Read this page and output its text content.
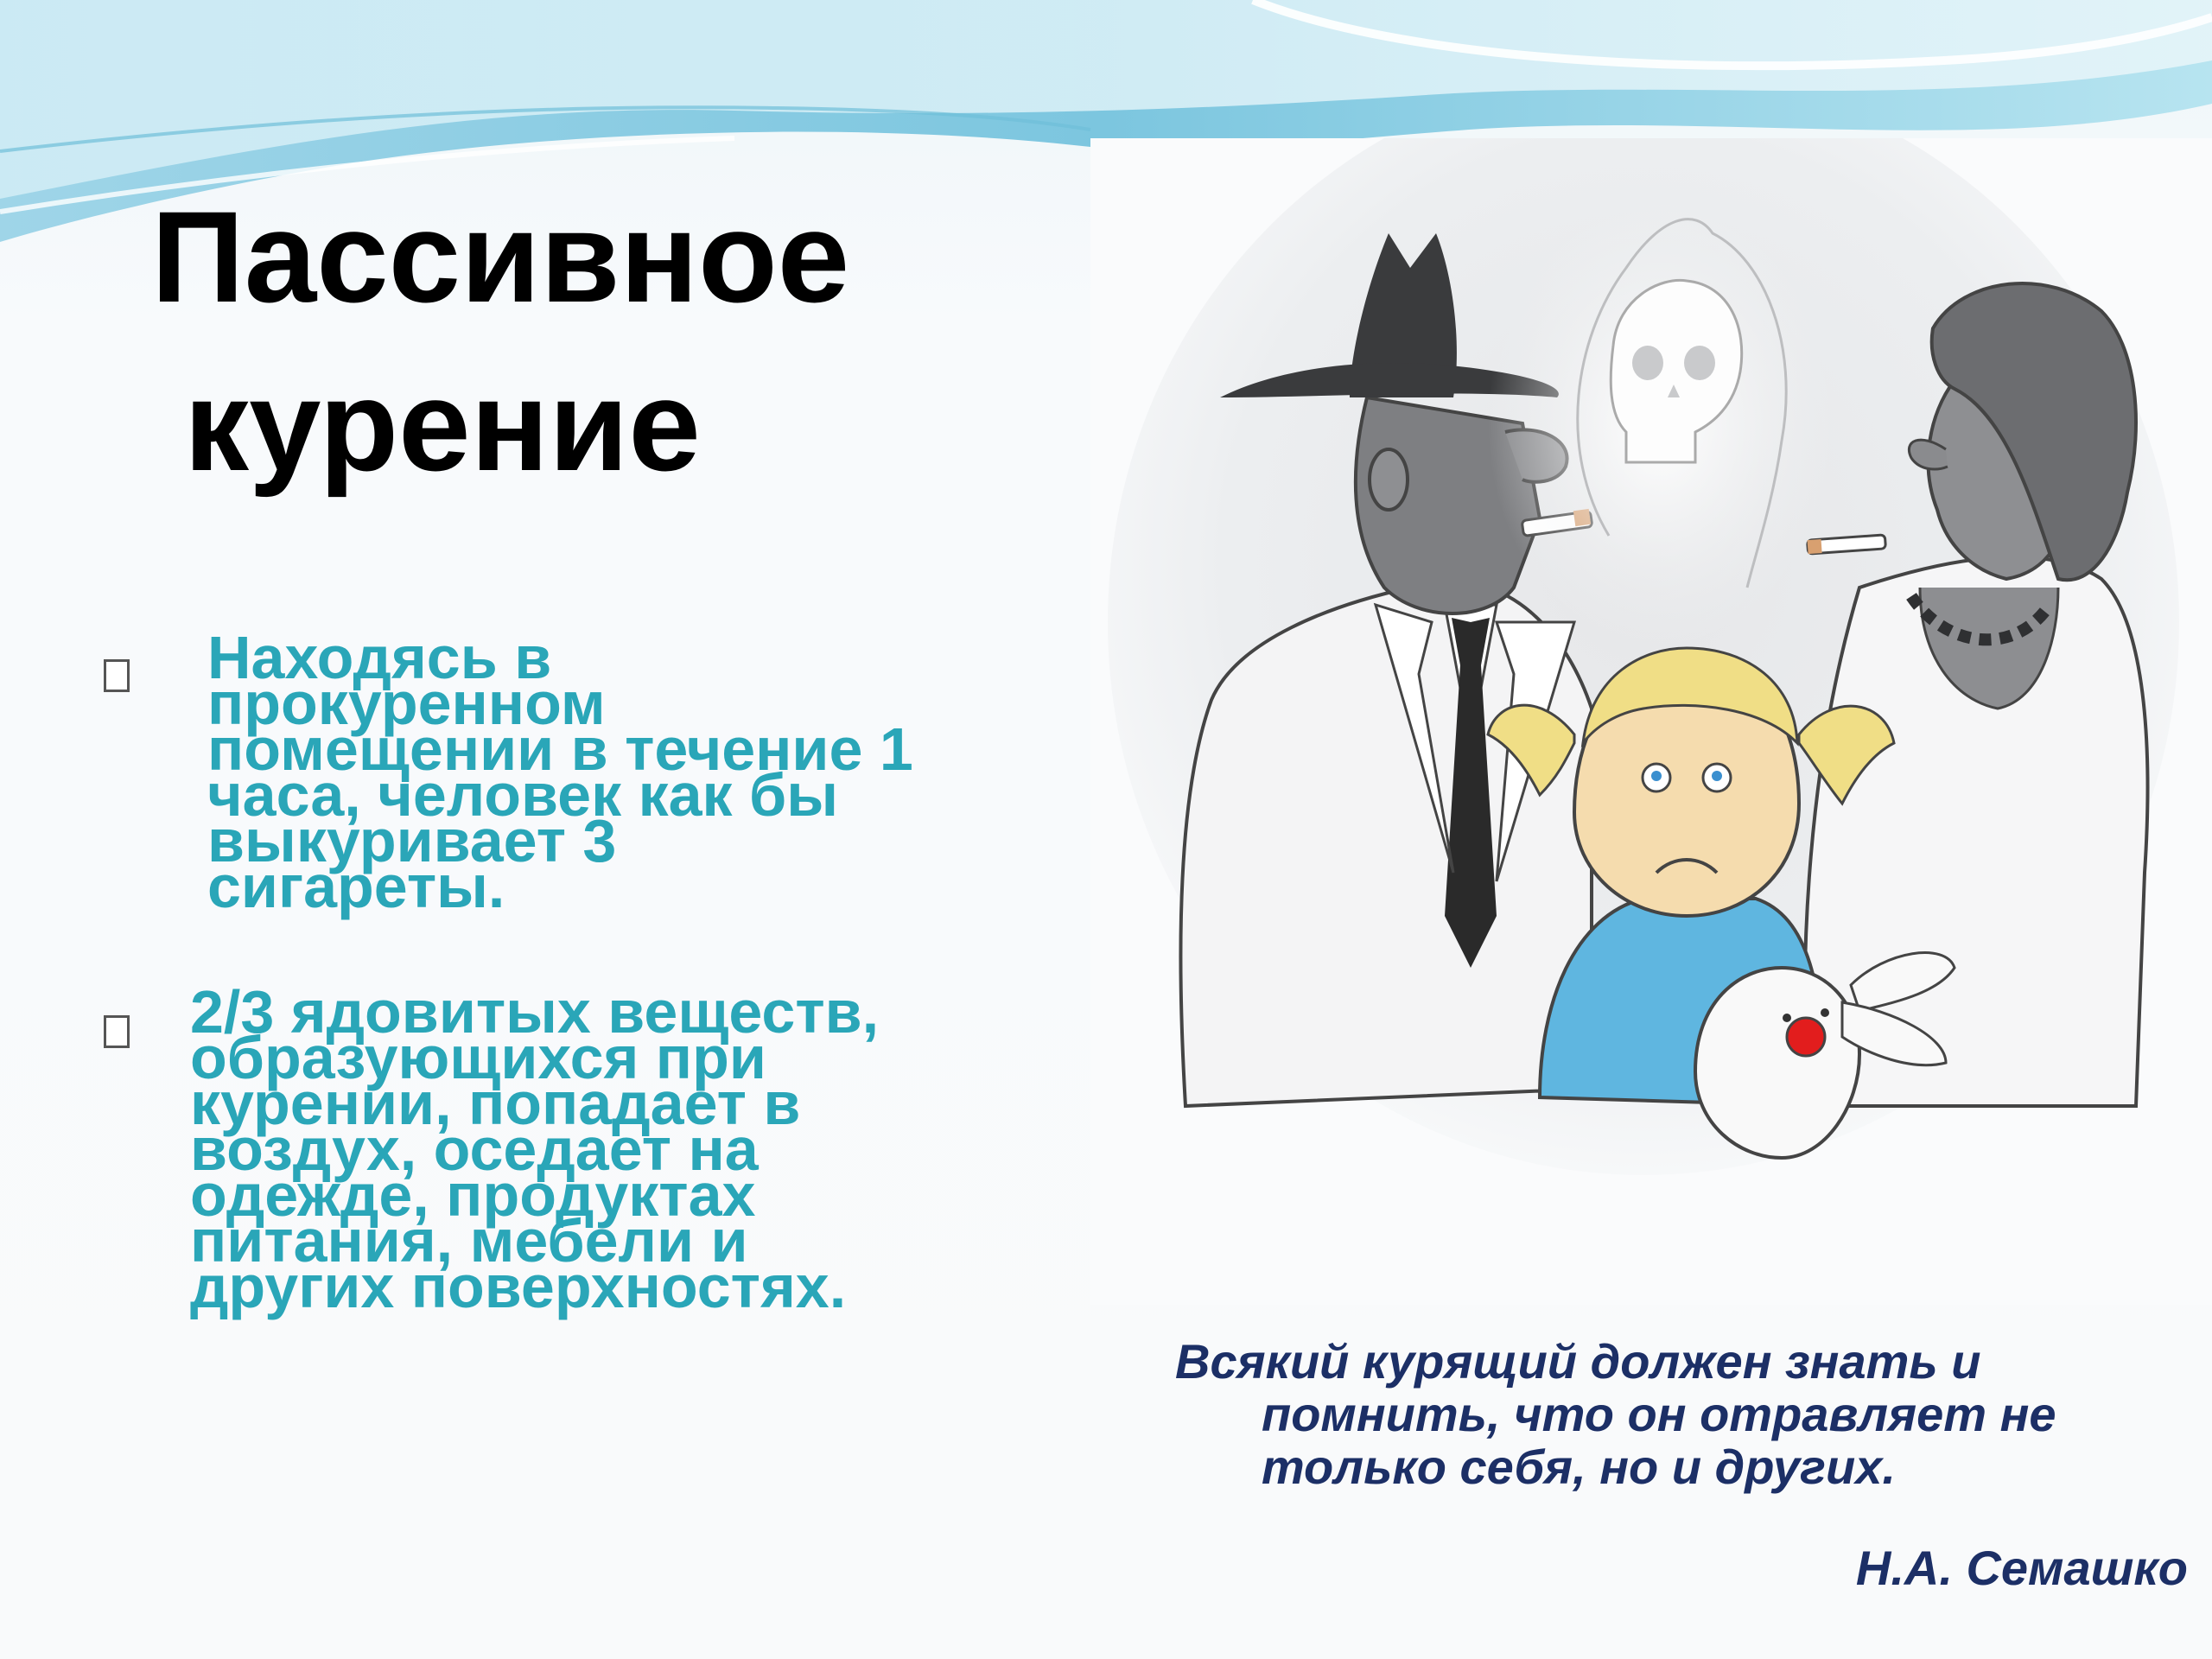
Пассивное
курение

Находясь в
прокуренном
помещении в течение 1
часа, человек как бы
выкуривает 3
сигареты.

2/3 ядовитых веществ,
образующихся при
курении, попадает в
воздух, оседает на
одежде, продуктах
питания, мебели и
других поверхностях.

Всякий курящий должен знать и
помнить, что он отравляет не
только себя, но и других.

Н.А. Семашко
